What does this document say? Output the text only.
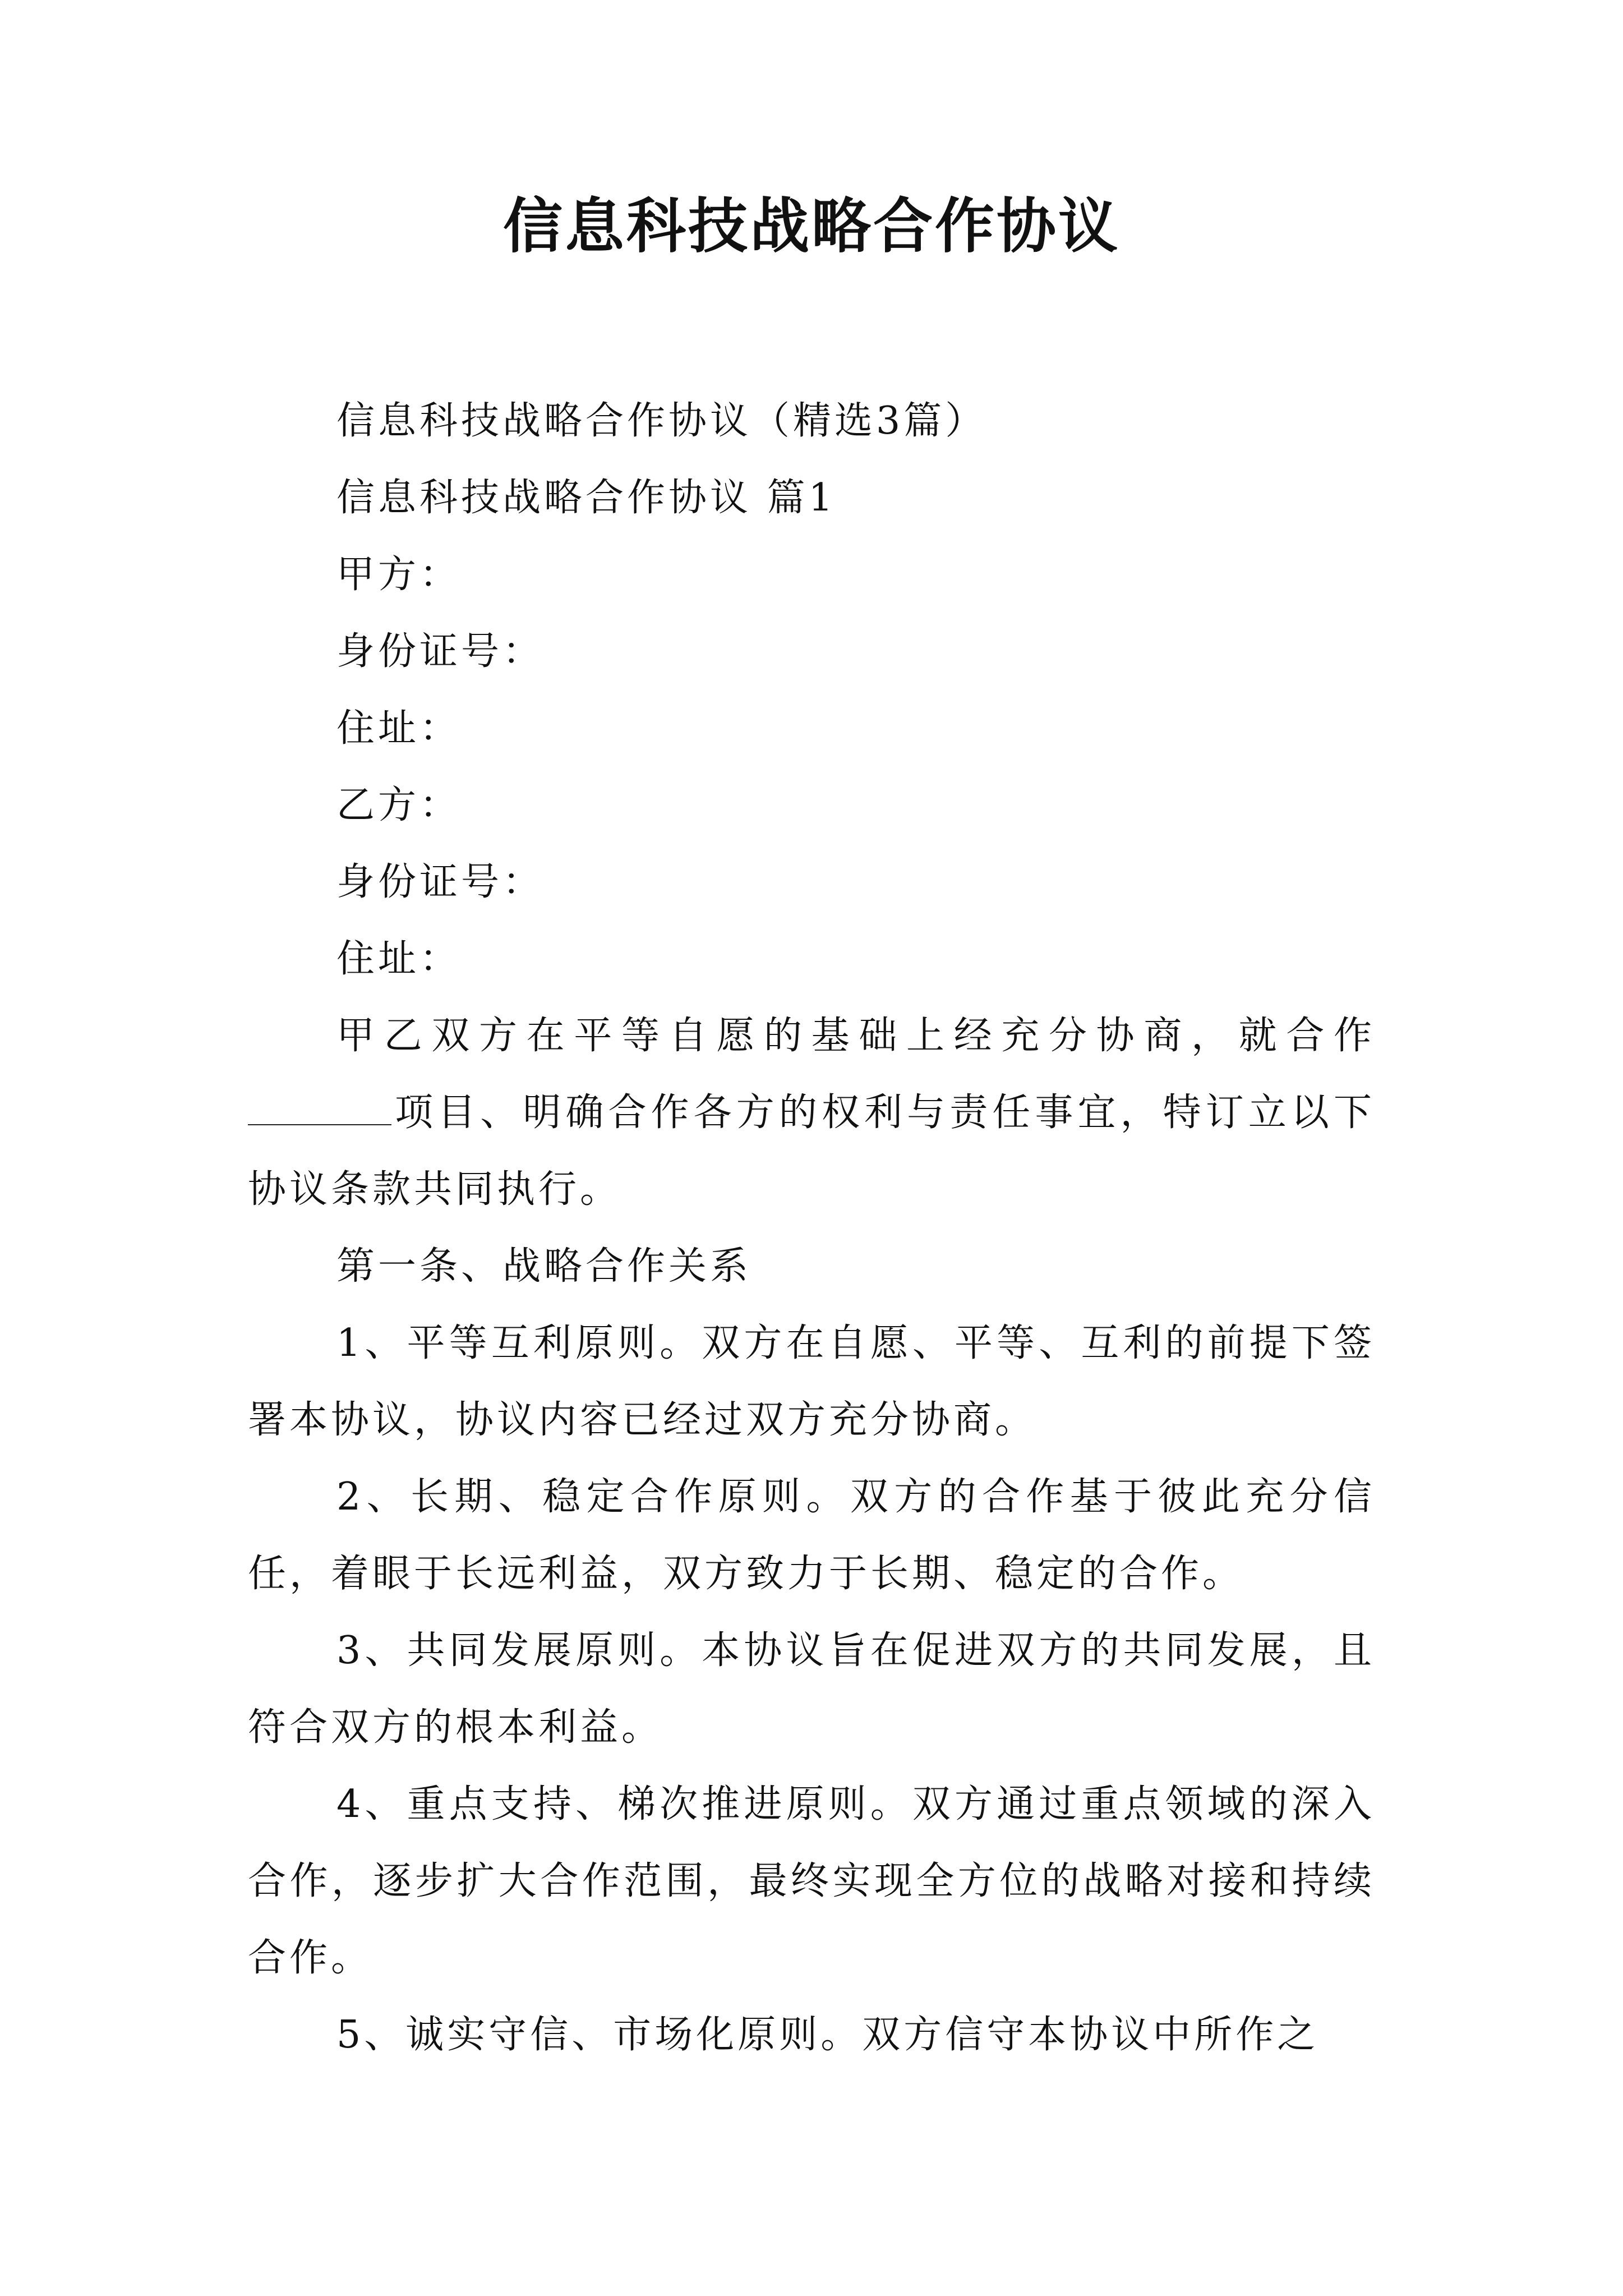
信息科技战略合作协议

信息科技战略合作协议（精选3篇）

信息科技战略合作协议 篇1

甲方：

身份证号：

住址：

乙方：

身份证号：

住址：

甲乙双方在平等自愿的基础上经充分协商，就合作项目、明确合作各方的权利与责任事宜，特订立以下协议条款共同执行。

第一条、战略合作关系

1、平等互利原则。双方在自愿、平等、互利的前提下签署本协议，协议内容已经过双方充分协商。

2、长期、稳定合作原则。双方的合作基于彼此充分信任，着眼于长远利益，双方致力于长期、稳定的合作。

3、共同发展原则。本协议旨在促进双方的共同发展，且符合双方的根本利益。

4、重点支持、梯次推进原则。双方通过重点领域的深入合作，逐步扩大合作范围，最终实现全方位的战略对接和持续合作。

5、诚实守信、市场化原则。双方信守本协议中所作之
